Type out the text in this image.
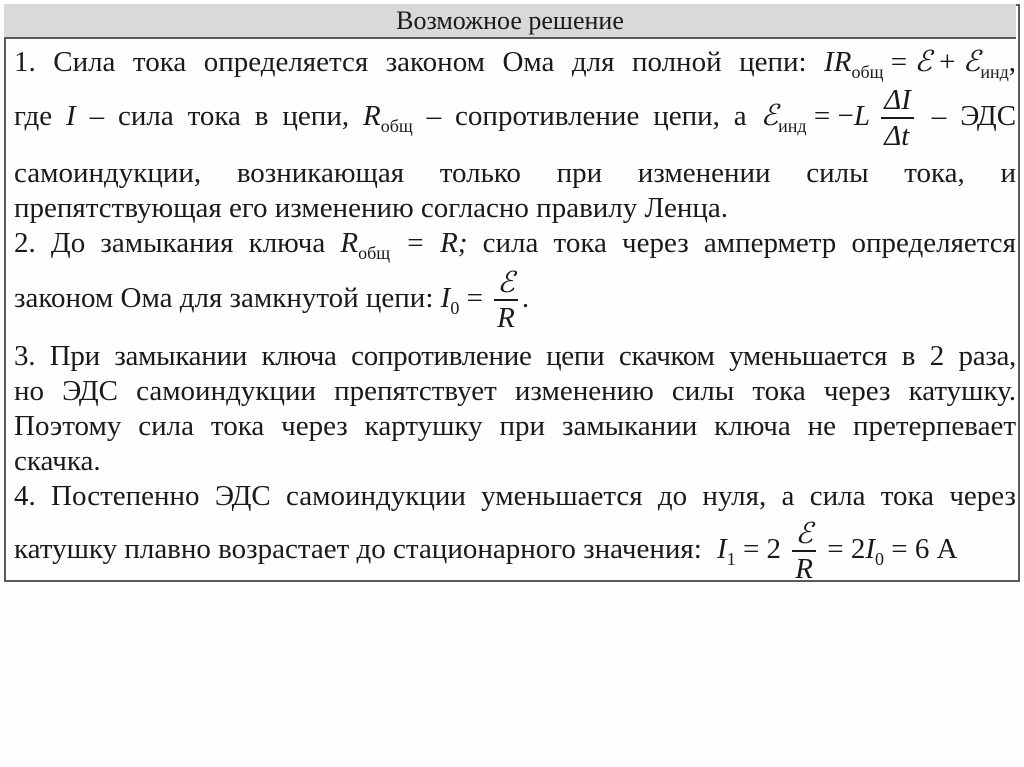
Возможное решение
1. Сила тока определяется законом Ома для полной цепи: $IR_{общ}$ = ℰ + ℰ$_{инд}$,
где I – сила тока в цепи, $R_{общ}$ – сопротивление цепи, а ℰ$_{инд}$ = $-L \frac{\Delta I}{\Delta t}$ – ЭДС
самоиндукции, возникающая только при изменении силы тока, и
препятствующая его изменению согласно правилу Ленца.
2. До замыкания ключа $R_{общ} = R$; сила тока через амперметр определяется
законом Ома для замкнутой цепи: $I_0 = \frac{\text{ℰ}}{R}$ .
3. При замыкании ключа сопротивление цепи скачком уменьшается в 2 раза,
но ЭДС самоиндукции препятствует изменению силы тока через катушку.
Поэтому сила тока через картушку при замыкании ключа не претерпевает
скачка.
4. Постепенно ЭДС самоиндукции уменьшается до нуля, а сила тока через
катушку плавно возрастает до стационарного значения: $I_1 = 2 \frac{\text{ℰ}}{R} = 2I_0 = 6$ А
